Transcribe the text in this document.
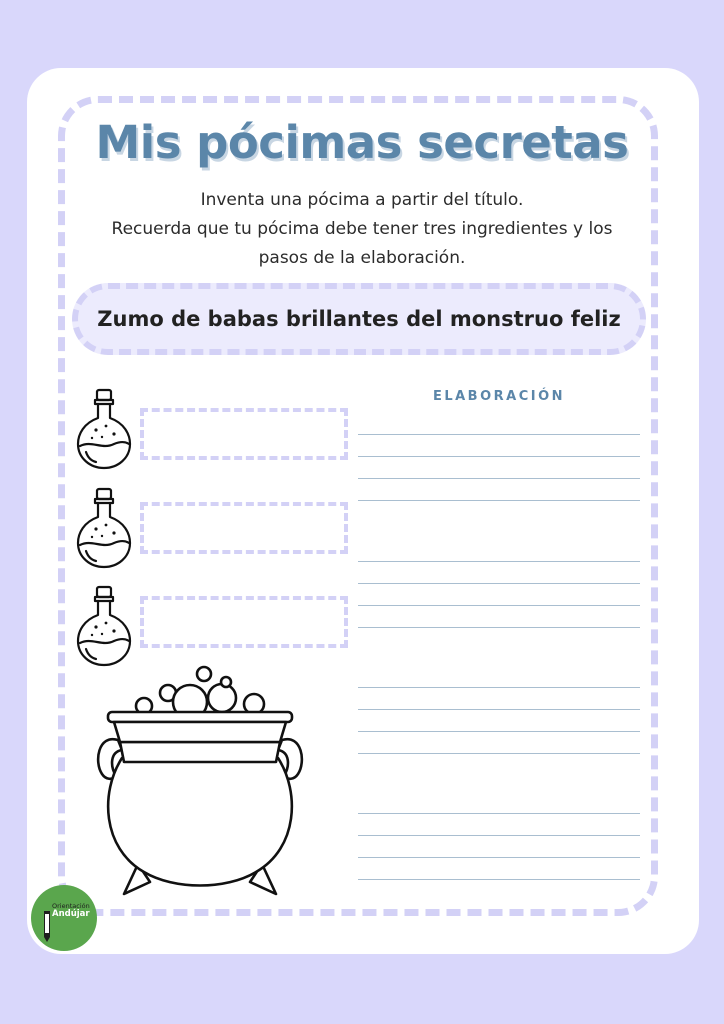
Mis pócimas secretas
Inventa una pócima a partir del título.
Recuerda que tu pócima debe tener tres ingredientes y los
pasos de la elaboración.
Zumo de babas brillantes del monstruo feliz
ELABORACIÓN
Orientación
Andújar
